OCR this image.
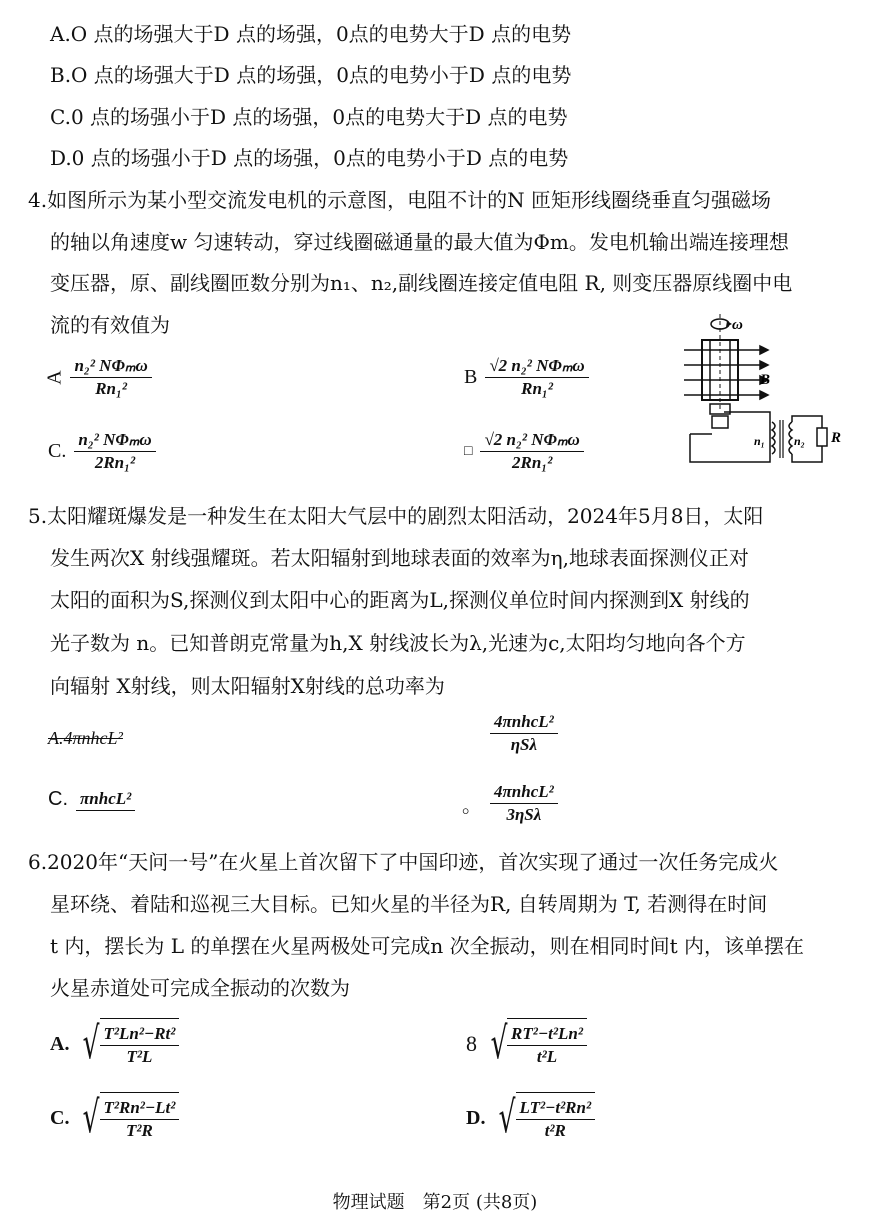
A.O 点的场强大于D 点的场强，0点的电势大于D 点的电势
B.O 点的场强大于D 点的场强，0点的电势小于D 点的电势
C.0 点的场强小于D 点的场强，0点的电势大于D 点的电势
D.0 点的场强小于D 点的场强，0点的电势小于D 点的电势
4.如图所示为某小型交流发电机的示意图，电阻不计的N 匝矩形线圈绕垂直匀强磁场
的轴以角速度w 匀速转动，穿过线圈磁通量的最大值为Φm。发电机输出端连接理想
变压器，原、副线圈匝数分别为n₁、n₂,副线圈连接定值电阻 R, 则变压器原线圈中电
流的有效值为
A $\frac{\text{n₂² NΦₘω}}{\text{Rn₁²}}$	B $\frac{\text{√2 n₂² NΦₘω}}{\text{Rn₁²}}$
C. $\frac{\text{n₂² NΦₘω}}{\text{2Rn₁²}}$	□ $\frac{\text{√2 n₂² NΦₘω}}{\text{2Rn₁²}}$
ω
B
n₁ n₂ R
5.太阳耀斑爆发是一种发生在太阳大气层中的剧烈太阳活动，2024年5月8日，太阳
发生两次X 射线强耀斑。若太阳辐射到地球表面的效率为η,地球表面探测仪正对
太阳的面积为S,探测仪到太阳中心的距离为L,探测仪单位时间内探测到X 射线的
光子数为 n。已知普朗克常量为h,X 射线波长为λ,光速为c,太阳均匀地向各个方
向辐射 X射线，则太阳辐射X射线的总功率为
A.4πnhcL²	$\frac{\text{4πnhcL²}}{\text{ηSλ}}$
C. πnhcL²	。 $\frac{\text{4πnhcL²}}{\text{3ηSλ}}$
6.2020年“天问一号”在火星上首次留下了中国印迹，首次实现了通过一次任务完成火
星环绕、着陆和巡视三大目标。已知火星的半径为R, 自转周期为 T, 若测得在时间
t 内，摆长为 L 的单摆在火星两极处可完成n 次全振动，则在相同时间t 内，该单摆在
火星赤道处可完成全振动的次数为
A. √ $\frac{\text{T²Ln²−Rt²}}{\text{T²L}}$	8 √ $\frac{\text{RT²−t²Ln²}}{\text{t²L}}$
C. √ $\frac{\text{T²Rn²−Lt²}}{\text{T²R}}$	D. √ $\frac{\text{LT²−t²Rn²}}{\text{t²R}}$
物理试题　第2页 (共8页)
